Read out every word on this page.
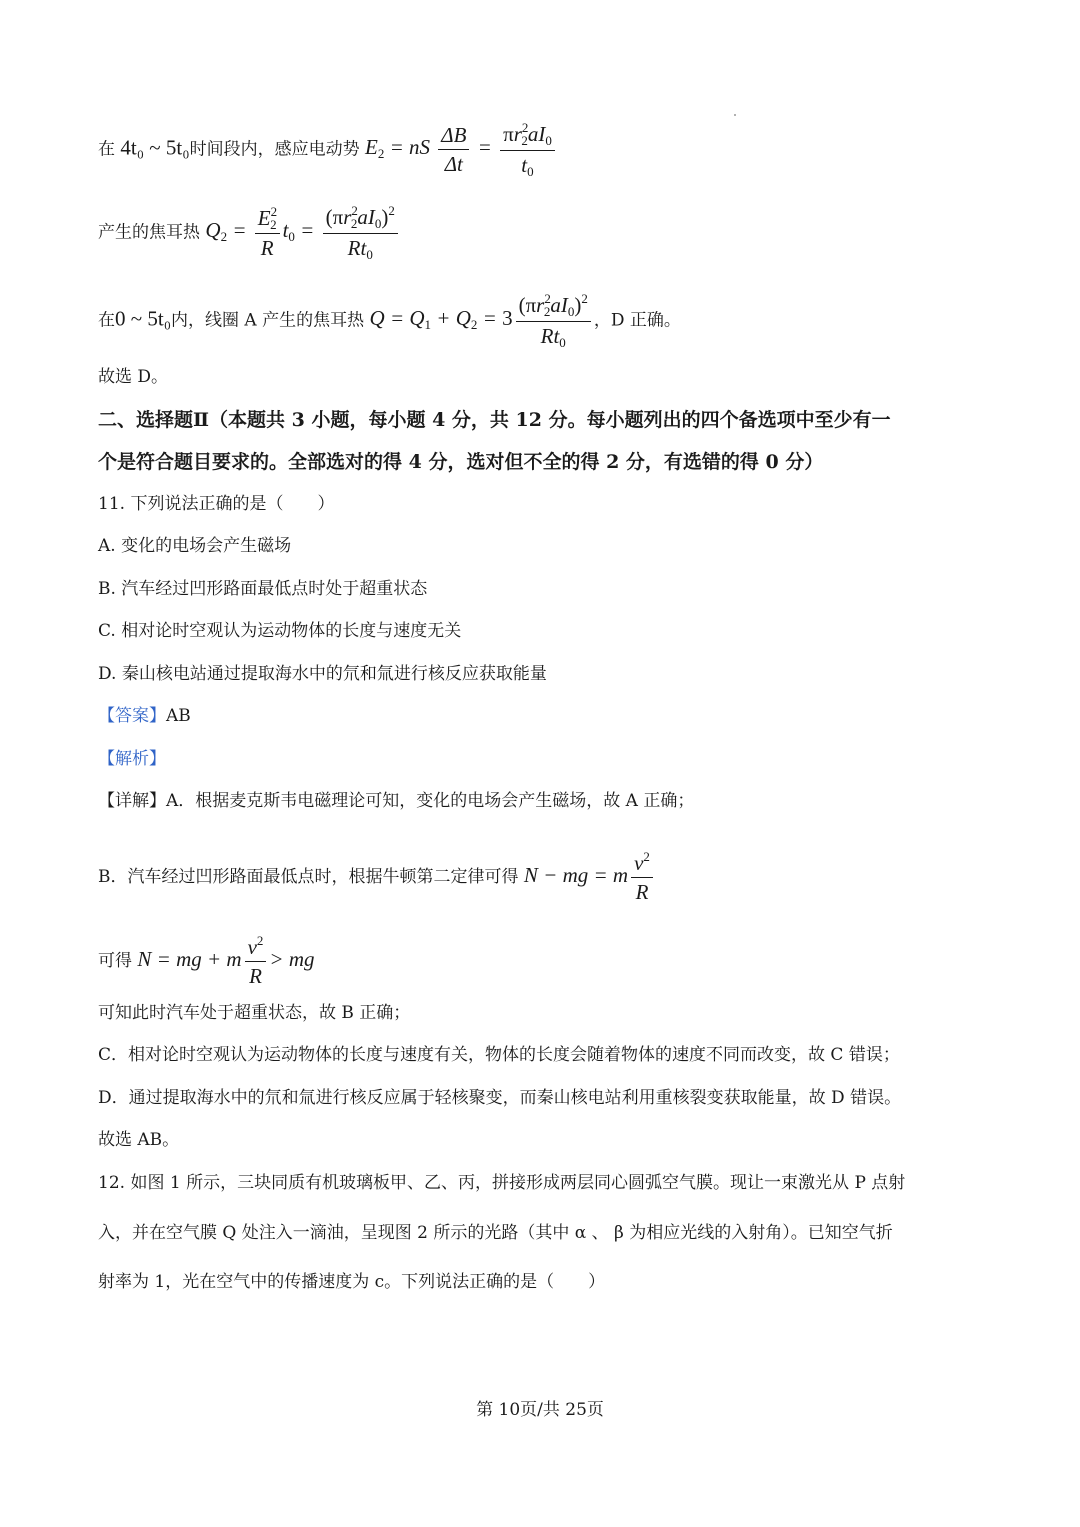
在 4t₀ ~ 5t₀时间段内，感应电动势 $E_2$ = nS $\frac{\Delta B}{\Delta t} = \frac{\pi r^2_2aI_0}{t_0}$
产生的焦耳热 $Q_2 = \frac{E^2_2}{R} t_0 = \frac{(\pi r^2_2aI_0)^2}{Rt_0}$
在0 ~ 5t₀内，线圈 A 产生的焦耳热 $Q = Q_1 + Q_2 = 3 \frac{(\pi r^2_2aI_0)^2}{Rt_0}$ ，D 正确。
故选 D。
二、选择题Ⅱ（本题共 3 小题，每小题 4 分，共 12 分。每小题列出的四个备选项中至少有一
个是符合题目要求的。全部选对的得 4 分，选对但不全的得 2 分，有选错的得 0 分）
11. 下列说法正确的是（　　）
A. 变化的电场会产生磁场
B. 汽车经过凹形路面最低点时处于超重状态
C. 相对论时空观认为运动物体的长度与速度无关
D. 秦山核电站通过提取海水中的氘和氚进行核反应获取能量
【答案】AB
【解析】
【详解】A．根据麦克斯韦电磁理论可知，变化的电场会产生磁场，故 A 正确；
B．汽车经过凹形路面最低点时，根据牛顿第二定律可得 N − mg = m $\frac{v^2}{R}$
可得 N = mg + m $\frac{v^2}{R}$ > mg
可知此时汽车处于超重状态，故 B 正确；
C．相对论时空观认为运动物体的长度与速度有关，物体的长度会随着物体的速度不同而改变，故 C 错误；
D．通过提取海水中的氘和氚进行核反应属于轻核聚变，而秦山核电站利用重核裂变获取能量，故 D 错误。
故选 AB。
12. 如图 1 所示，三块同质有机玻璃板甲、乙、丙，拼接形成两层同心圆弧空气膜。现让一束激光从 P 点射
入，并在空气膜 Q 处注入一滴油，呈现图 2 所示的光路（其中 α 、 β 为相应光线的入射角）。已知空气折
射率为 1，光在空气中的传播速度为 c。下列说法正确的是（　　）
第 10页/共 25页
